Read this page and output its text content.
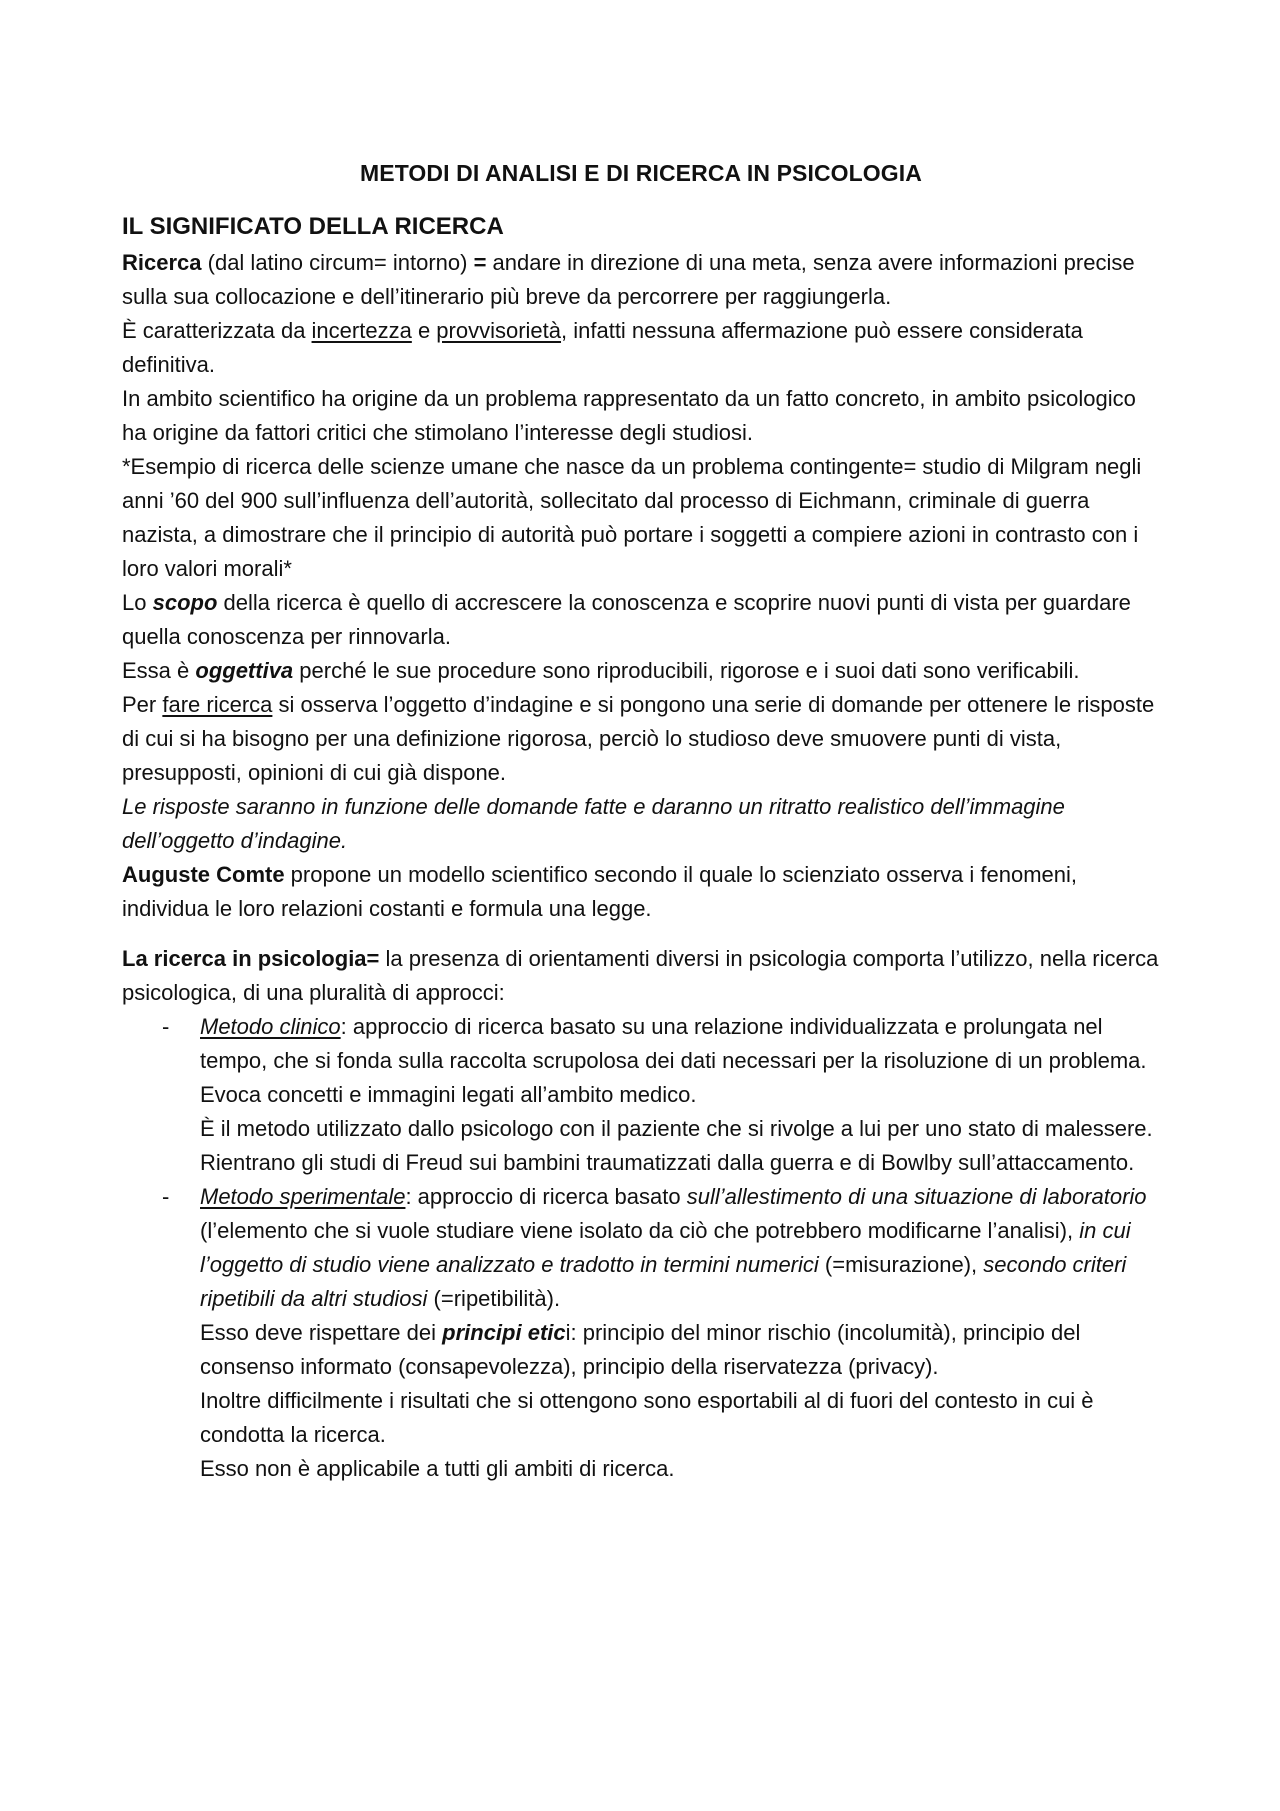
METODI DI ANALISI E DI RICERCA IN PSICOLOGIA
IL SIGNIFICATO DELLA RICERCA

Ricerca (dal latino circum= intorno) = andare in direzione di una meta, senza avere informazioni precise sulla sua collocazione e dell’itinerario più breve da percorrere per raggiungerla.

È caratterizzata da incertezza e provvisorietà, infatti nessuna affermazione può essere considerata definitiva.

In ambito scientifico ha origine da un problema rappresentato da un fatto concreto, in ambito psicologico ha origine da fattori critici che stimolano l’interesse degli studiosi.

*Esempio di ricerca delle scienze umane che nasce da un problema contingente= studio di Milgram negli anni ’60 del 900 sull’influenza dell’autorità, sollecitato dal processo di Eichmann, criminale di guerra nazista, a dimostrare che il principio di autorità può portare i soggetti a compiere azioni in contrasto con i loro valori morali*

Lo scopo della ricerca è quello di accrescere la conoscenza e scoprire nuovi punti di vista per guardare quella conoscenza per rinnovarla.

Essa è oggettiva perché le sue procedure sono riproducibili, rigorose e i suoi dati sono verificabili.

Per fare ricerca si osserva l’oggetto d’indagine e si pongono una serie di domande per ottenere le risposte di cui si ha bisogno per una definizione rigorosa, perciò lo studioso deve smuovere punti di vista, presupposti, opinioni di cui già dispone.

Le risposte saranno in funzione delle domande fatte e daranno un ritratto realistico dell’immagine dell’oggetto d’indagine.

Auguste Comte propone un modello scientifico secondo il quale lo scienziato osserva i fenomeni, individua le loro relazioni costanti e formula una legge.

La ricerca in psicologia= la presenza di orientamenti diversi in psicologia comporta l’utilizzo, nella ricerca psicologica, di una pluralità di approcci:

- Metodo clinico: approccio di ricerca basato su una relazione individualizzata e prolungata nel tempo, che si fonda sulla raccolta scrupolosa dei dati necessari per la risoluzione di un problema.

Evoca concetti e immagini legati all’ambito medico.

È il metodo utilizzato dallo psicologo con il paziente che si rivolge a lui per uno stato di malessere.

Rientrano gli studi di Freud sui bambini traumatizzati dalla guerra e di Bowlby sull’attaccamento.

- Metodo sperimentale: approccio di ricerca basato sull’allestimento di una situazione di laboratorio (l’elemento che si vuole studiare viene isolato da ciò che potrebbero modificarne l’analisi), in cui l’oggetto di studio viene analizzato e tradotto in termini numerici (=misurazione), secondo criteri ripetibili da altri studiosi (=ripetibilità).

Esso deve rispettare dei principi etici: principio del minor rischio (incolumità), principio del consenso informato (consapevolezza), principio della riservatezza (privacy).

Inoltre difficilmente i risultati che si ottengono sono esportabili al di fuori del contesto in cui è condotta la ricerca.

Esso non è applicabile a tutti gli ambiti di ricerca.
